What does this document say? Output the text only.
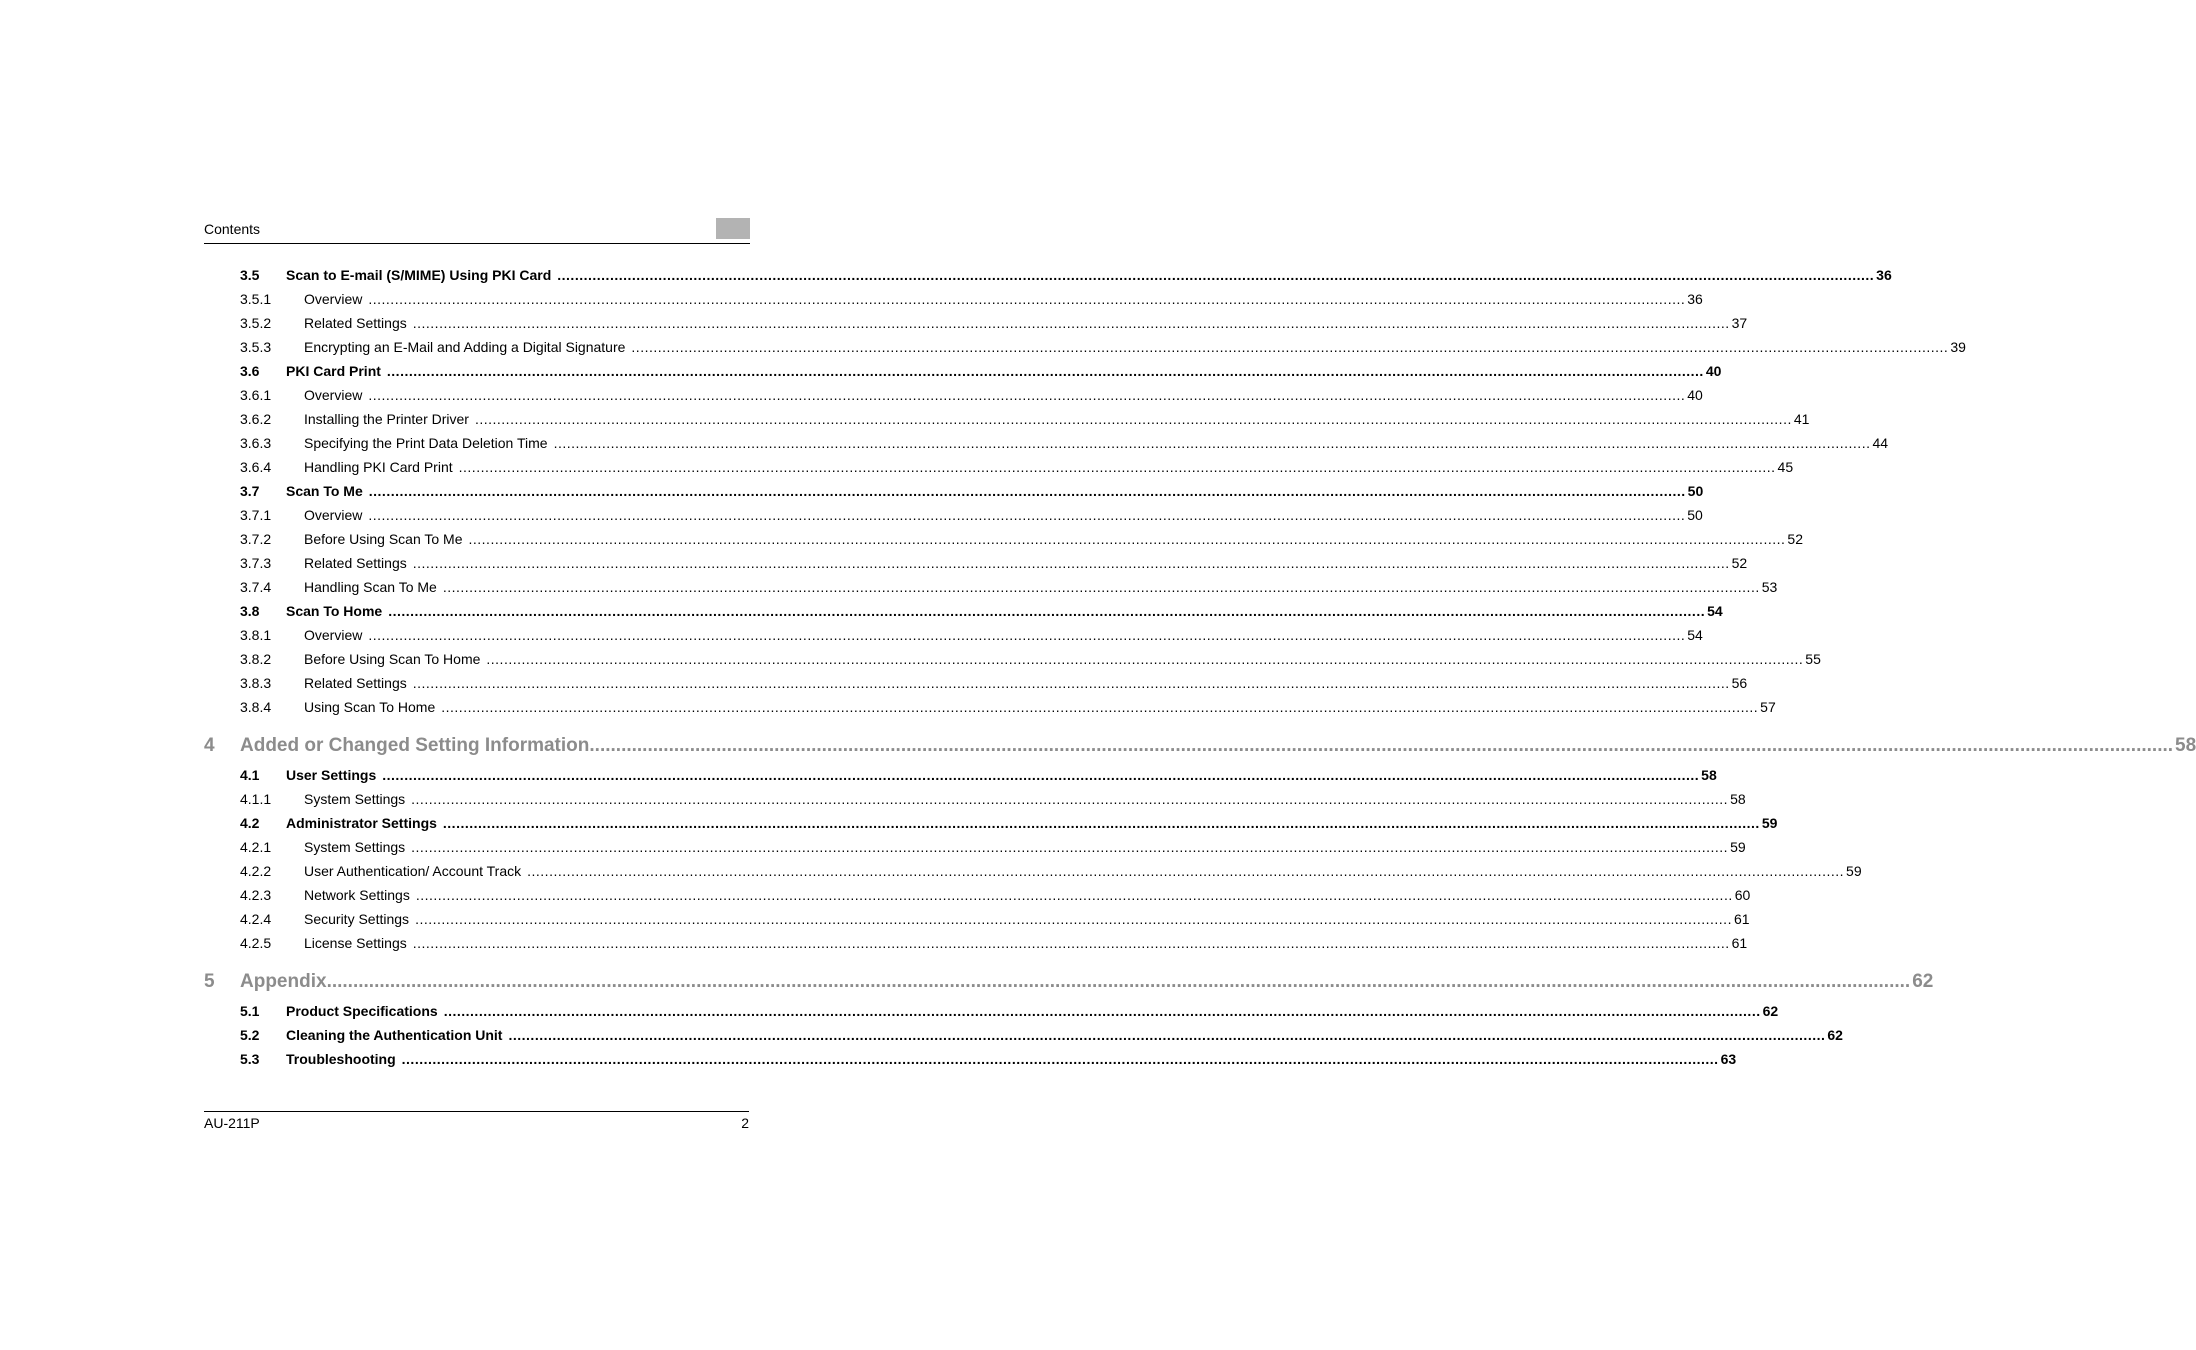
Contents
3.5 Scan to E-mail (S/MIME) Using PKI Card ............................................................................................................................................................................................................................................................................................................ 36
3.5.1 Overview ............................................................................................................................................................................................................................................................................................................ 36
3.5.2 Related Settings ............................................................................................................................................................................................................................................................................................................ 37
3.5.3 Encrypting an E-Mail and Adding a Digital Signature ............................................................................................................................................................................................................................................................................................................ 39
3.6 PKI Card Print ............................................................................................................................................................................................................................................................................................................ 40
3.6.1 Overview ............................................................................................................................................................................................................................................................................................................ 40
3.6.2 Installing the Printer Driver ............................................................................................................................................................................................................................................................................................................ 41
3.6.3 Specifying the Print Data Deletion Time ............................................................................................................................................................................................................................................................................................................ 44
3.6.4 Handling PKI Card Print ............................................................................................................................................................................................................................................................................................................ 45
3.7 Scan To Me ............................................................................................................................................................................................................................................................................................................ 50
3.7.1 Overview ............................................................................................................................................................................................................................................................................................................ 50
3.7.2 Before Using Scan To Me ............................................................................................................................................................................................................................................................................................................ 52
3.7.3 Related Settings ............................................................................................................................................................................................................................................................................................................ 52
3.7.4 Handling Scan To Me ............................................................................................................................................................................................................................................................................................................ 53
3.8 Scan To Home ............................................................................................................................................................................................................................................................................................................ 54
3.8.1 Overview ............................................................................................................................................................................................................................................................................................................ 54
3.8.2 Before Using Scan To Home ............................................................................................................................................................................................................................................................................................................ 55
3.8.3 Related Settings ............................................................................................................................................................................................................................................................................................................ 56
3.8.4 Using Scan To Home ............................................................................................................................................................................................................................................................................................................ 57
4 Added or Changed Setting Information ............................................................................................................................................................................................................................................................................................................ 58
4.1 User Settings ............................................................................................................................................................................................................................................................................................................ 58
4.1.1 System Settings ............................................................................................................................................................................................................................................................................................................ 58
4.2 Administrator Settings ............................................................................................................................................................................................................................................................................................................ 59
4.2.1 System Settings ............................................................................................................................................................................................................................................................................................................ 59
4.2.2 User Authentication/ Account Track ............................................................................................................................................................................................................................................................................................................ 59
4.2.3 Network Settings ............................................................................................................................................................................................................................................................................................................ 60
4.2.4 Security Settings ............................................................................................................................................................................................................................................................................................................ 61
4.2.5 License Settings ............................................................................................................................................................................................................................................................................................................ 61
5 Appendix ............................................................................................................................................................................................................................................................................................................ 62
5.1 Product Specifications ............................................................................................................................................................................................................................................................................................................ 62
5.2 Cleaning the Authentication Unit ............................................................................................................................................................................................................................................................................................................ 62
5.3 Troubleshooting ............................................................................................................................................................................................................................................................................................................ 63
AU-211P	2
